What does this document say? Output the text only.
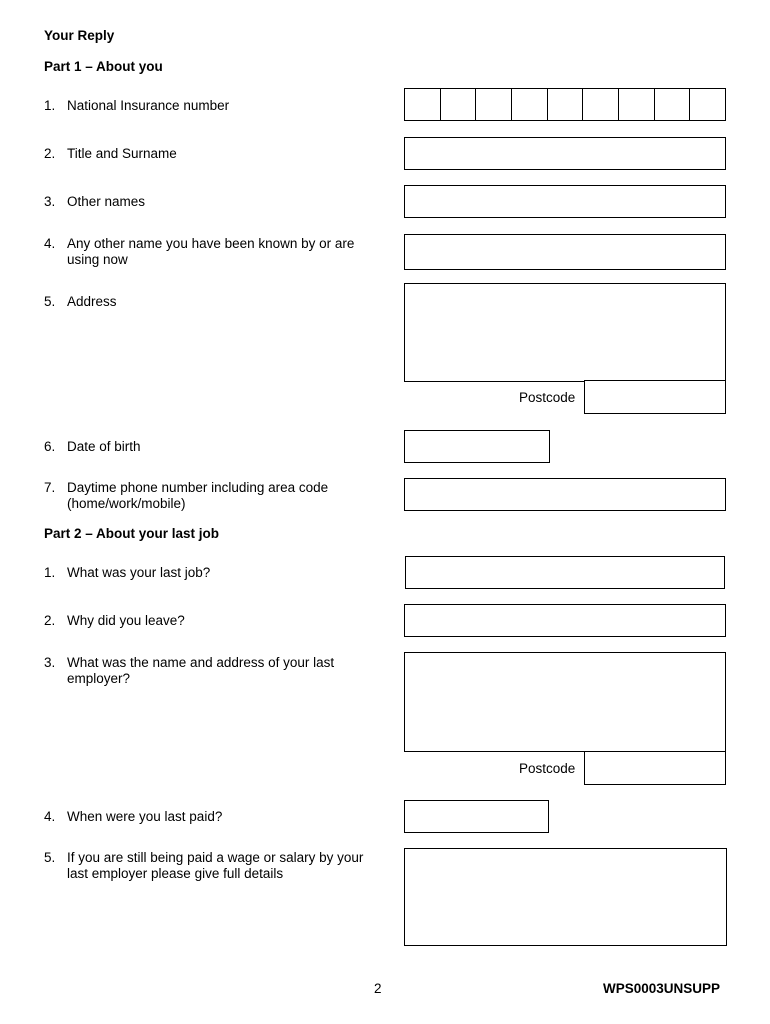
Your Reply
Part 1 – About you
1. National Insurance number
2. Title and Surname
3. Other names
4. Any other name you have been known by or are using now
5. Address
Postcode
6. Date of birth
7. Daytime phone number including area code (home/work/mobile)
Part 2 – About your last job
1. What was your last job?
2. Why did you leave?
3. What was the name and address of your last employer?
Postcode
4. When were you last paid?
5. If you are still being paid a wage or salary by your last employer please give full details
2	WPS0003UNSUPP
